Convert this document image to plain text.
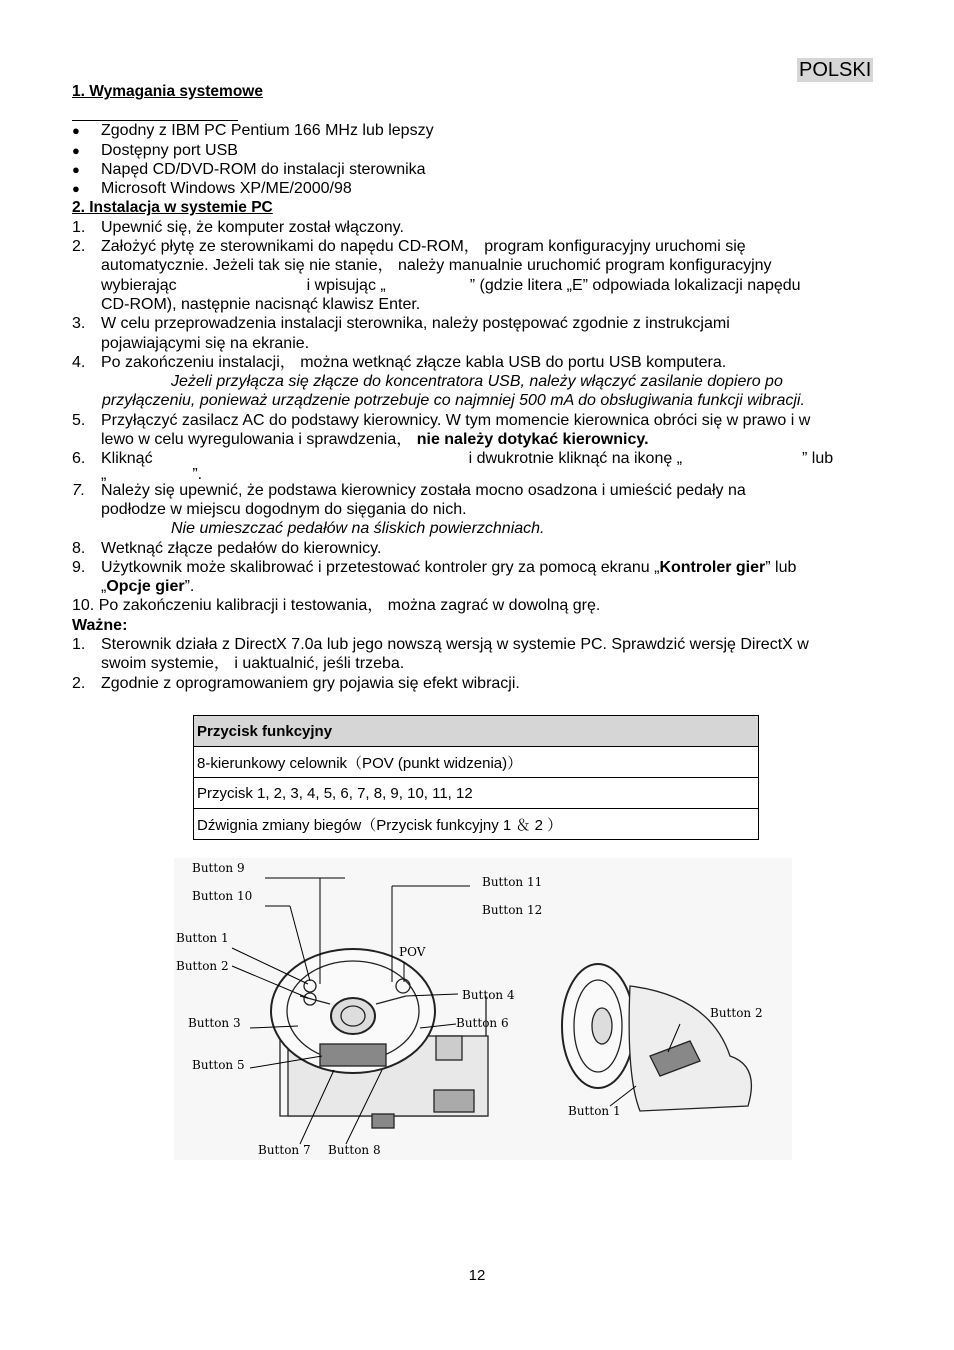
POLSKI
1. Wymagania systemowe
● Zgodny z IBM PC Pentium 166 MHz lub lepszy
● Dostępny port USB
● Napęd CD/DVD-ROM do instalacji sterownika
● Microsoft Windows XP/ME/2000/98
2. Instalacja w systemie PC
1. Upewnić się, że komputer został włączony.
2. Założyć płytę ze sterownikami do napędu CD-ROM， program konfiguracyjny uruchomi się
automatycznie. Jeżeli tak się nie stanie， należy manualnie uruchomić program konfiguracyjny
wybierając	i wpisując „	” (gdzie litera „E” odpowiada lokalizacji napędu
CD-ROM), następnie nacisnąć klawisz Enter.
3. W celu przeprowadzenia instalacji sterownika, należy postępować zgodnie z instrukcjami
pojawiającymi się na ekranie.
4. Po zakończeniu instalacji， można wetknąć złącze kabla USB do portu USB komputera.
Jeżeli przyłącza się złącze do koncentratora USB, należy włączyć zasilanie dopiero po
przyłączeniu, ponieważ urządzenie potrzebuje co najmniej 500 mA do obsługiwania funkcji wibracji.
5. Przyłączyć zasilacz AC do podstawy kierownicy. W tym momencie kierownica obróci się w prawo i w
lewo w celu wyregulowania i sprawdzenia， nie należy dotykać kierownicy.
6. Kliknąć	i dwukrotnie kliknąć na ikonę „	” lub
„	”.
7. Należy się upewnić, że podstawa kierownicy została mocno osadzona i umieścić pedały na
podłodze w miejscu dogodnym do sięgania do nich.
Nie umieszczać pedałów na śliskich powierzchniach.
8. Wetknąć złącze pedałów do kierownicy.
9. Użytkownik może skalibrować i przetestować kontroler gry za pomocą ekranu „Kontroler gier” lub
„Opcje gier”.
10. Po zakończeniu kalibracji i testowania， można zagrać w dowolną grę.
Ważne:
1. Sterownik działa z DirectX 7.0a lub jego nowszą wersją w systemie PC. Sprawdzić wersję DirectX w
swoim systemie， i uaktualnić, jeśli trzeba.
2. Zgodnie z oprogramowaniem gry pojawia się efekt wibracji.
Przycisk funkcyjny
8-kierunkowy celownik（POV (punkt widzenia)）
Przycisk 1, 2, 3, 4, 5, 6, 7, 8, 9, 10, 11, 12
Dźwignia zmiany biegów（Przycisk funkcyjny 1 ＆ 2 ）
Button 9
Button 10
Button 11
Button 12
Button 1
Button 2
POV
Button 4
Button 3	Button 6
Button 5
Button 7 Button 8
Button 2
Button 1
12
